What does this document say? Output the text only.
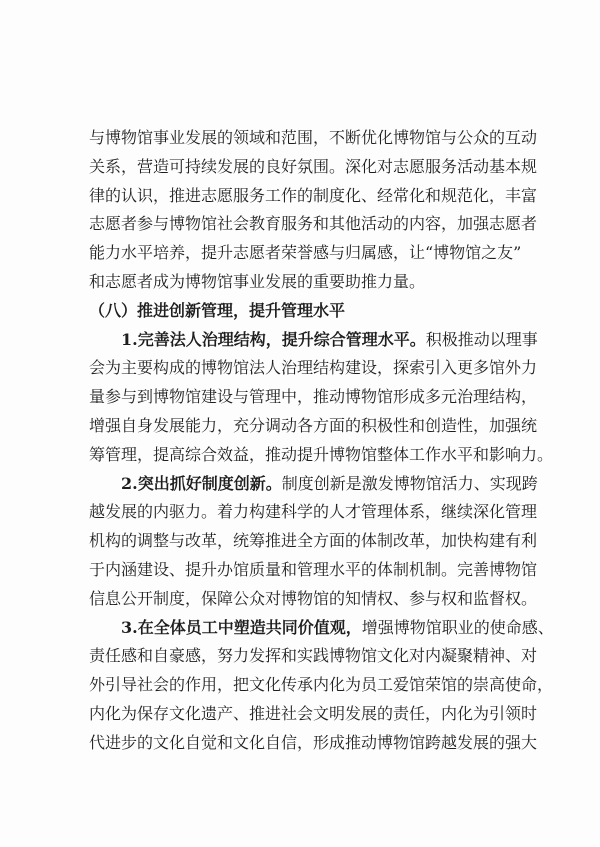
与博物馆事业发展的领域和范围，不断优化博物馆与公众的互动
关系，营造可持续发展的良好氛围。深化对志愿服务活动基本规
律的认识，推进志愿服务工作的制度化、经常化和规范化，丰富
志愿者参与博物馆社会教育服务和其他活动的内容，加强志愿者
能力水平培养，提升志愿者荣誉感与归属感，让“博物馆之友”
和志愿者成为博物馆事业发展的重要助推力量。
（八）推进创新管理，提升管理水平
1.完善法人治理结构，提升综合管理水平。积极推动以理事
会为主要构成的博物馆法人治理结构建设，探索引入更多馆外力
量参与到博物馆建设与管理中，推动博物馆形成多元治理结构，
增强自身发展能力，充分调动各方面的积极性和创造性，加强统
筹管理，提高综合效益，推动提升博物馆整体工作水平和影响力。
2.突出抓好制度创新。制度创新是激发博物馆活力、实现跨
越发展的内驱力。着力构建科学的人才管理体系，继续深化管理
机构的调整与改革，统筹推进全方面的体制改革，加快构建有利
于内涵建设、提升办馆质量和管理水平的体制机制。完善博物馆
信息公开制度，保障公众对博物馆的知情权、参与权和监督权。
3.在全体员工中塑造共同价值观，增强博物馆职业的使命感、
责任感和自豪感，努力发挥和实践博物馆文化对内凝聚精神、对
外引导社会的作用，把文化传承内化为员工爱馆荣馆的崇高使命，
内化为保存文化遗产、推进社会文明发展的责任，内化为引领时
代进步的文化自觉和文化自信，形成推动博物馆跨越发展的强大
